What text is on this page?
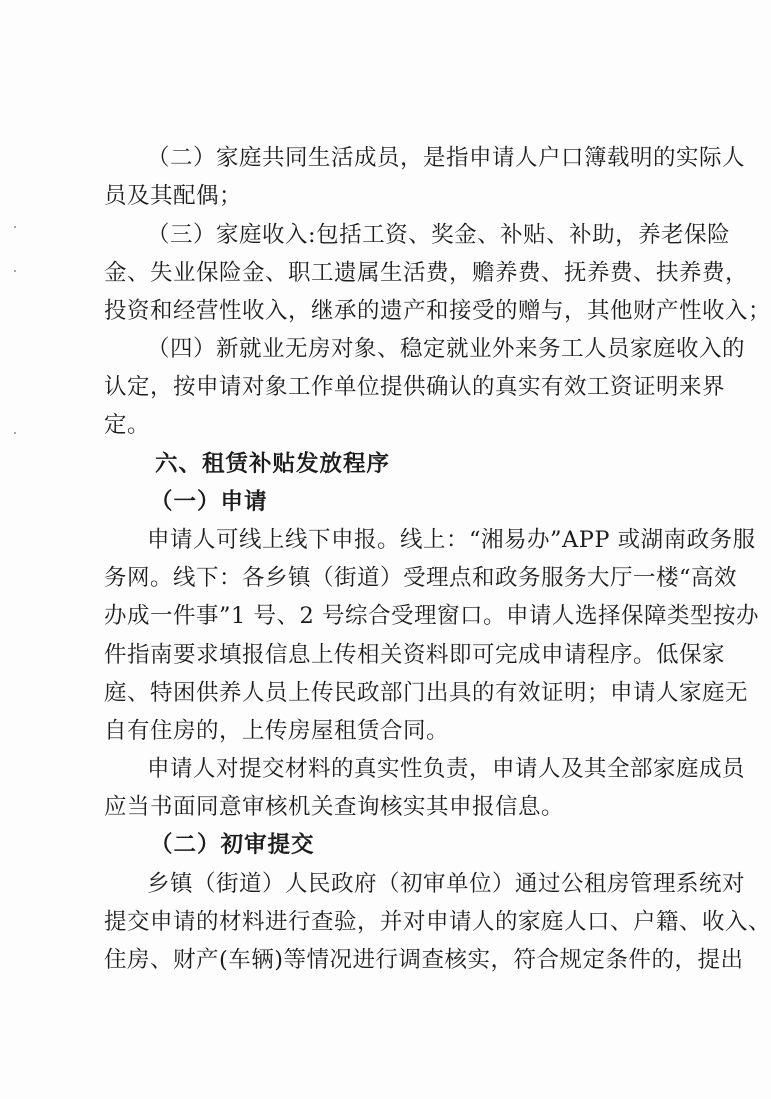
（二）家庭共同生活成员，是指申请人户口簿载明的实际人
员及其配偶；
（三）家庭收入:包括工资、奖金、补贴、补助，养老保险
金、失业保险金、职工遗属生活费，赡养费、抚养费、扶养费，
投资和经营性收入，继承的遗产和接受的赠与，其他财产性收入；
（四）新就业无房对象、稳定就业外来务工人员家庭收入的
认定，按申请对象工作单位提供确认的真实有效工资证明来界
定。
六、租赁补贴发放程序
（一）申请
申请人可线上线下申报。线上：“湘易办”APP 或湖南政务服
务网。线下：各乡镇（街道）受理点和政务服务大厅一楼“高效
办成一件事”1 号、2 号综合受理窗口。申请人选择保障类型按办
件指南要求填报信息上传相关资料即可完成申请程序。低保家
庭、特困供养人员上传民政部门出具的有效证明；申请人家庭无
自有住房的，上传房屋租赁合同。
申请人对提交材料的真实性负责，申请人及其全部家庭成员
应当书面同意审核机关查询核实其申报信息。
（二）初审提交
乡镇（街道）人民政府（初审单位）通过公租房管理系统对
提交申请的材料进行查验，并对申请人的家庭人口、户籍、收入、
住房、财产(车辆)等情况进行调查核实，符合规定条件的，提出
